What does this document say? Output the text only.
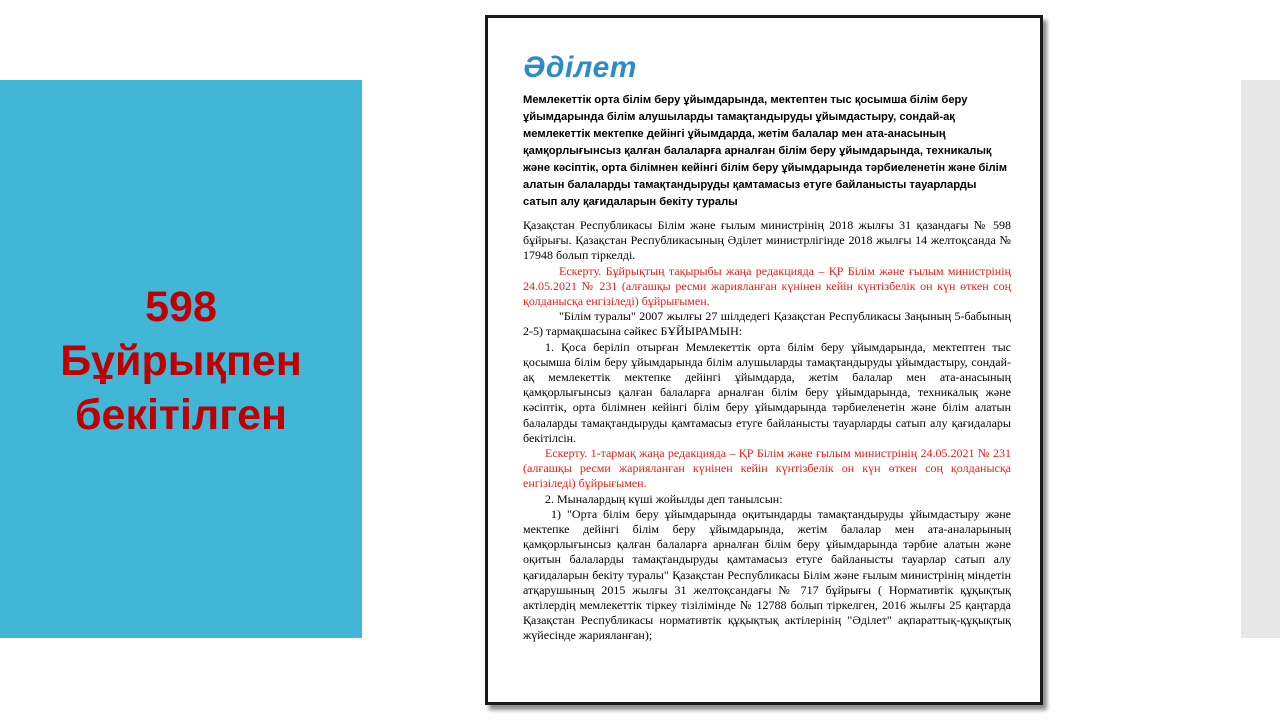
598
Бұйрықпен
бекітілген
Әділет

Мемлекеттік орта білім беру ұйымдарында, мектептен тыс қосымша білім беру ұйымдарында білім алушыларды тамақтандыруды ұйымдастыру, сондай-ақ мемлекеттік мектепке дейінгі ұйымдарда, жетім балалар мен ата-анасының қамқорлығынсыз қалған балаларға арналған білім беру ұйымдарында, техникалық және кәсіптік, орта білімнен кейінгі білім беру ұйымдарында тәрбиеленетін және білім алатын балаларды тамақтандыруды қамтамасыз етуге байланысты тауарларды сатып алу қағидаларын бекіту туралы

Қазақстан Республикасы Білім және ғылым министрінің 2018 жылғы 31 қазандағы № 598 бұйрығы. Қазақстан Республикасының Әділет министрлігінде 2018 жылғы 14 желтоқсанда № 17948 болып тіркелді.

Ескерту. Бұйрықтың тақырыбы жаңа редакцияда – ҚР Білім және ғылым министрінің 24.05.2021 № 231 (алғашқы ресми жарияланған күнінен кейін күнтізбелік он күн өткен соң қолданысқа енгізіледі) бұйрығымен.

"Білім туралы" 2007 жылғы 27 шілдедегі Қазақстан Республикасы Заңының 5-бабының 2-5) тармақшасына сәйкес БҰЙЫРАМЫН:

1. Қоса беріліп отырған Мемлекеттік орта білім беру ұйымдарында, мектептен тыс қосымша білім беру ұйымдарында білім алушыларды тамақтандыруды ұйымдастыру, сондай-ақ мемлекеттік мектепке дейінгі ұйымдарда, жетім балалар мен ата-анасының қамқорлығынсыз қалған балаларға арналған білім беру ұйымдарында, техникалық және кәсіптік, орта білімнен кейінгі білім беру ұйымдарында тәрбиеленетін және білім алатын балаларды тамақтандыруды қамтамасыз етуге байланысты тауарларды сатып алу қағидалары бекітілсін.

Ескерту. 1-тармақ жаңа редакцияда – ҚР Білім және ғылым министрінің 24.05.2021 № 231 (алғашқы ресми жарияланған күнінен кейін күнтізбелік он күн өткен соң қолданысқа енгізіледі) бұйрығымен.

2. Мыналардың күші жойылды деп танылсын:

1) "Орта білім беру ұйымдарында оқитындарды тамақтандыруды ұйымдастыру және мектепке дейінгі білім беру ұйымдарында, жетім балалар мен ата-аналарының қамқорлығынсыз қалған балаларға арналған білім беру ұйымдарында тәрбие алатын және оқитын балаларды тамақтандыруды қамтамасыз етуге байланысты тауарлар сатып алу қағидаларын бекіту туралы" Қазақстан Республикасы Білім және ғылым министрінің міндетін атқарушының 2015 жылғы 31 желтоқсандағы № 717 бұйрығы ( Нормативтік құқықтық актілердің мемлекеттік тіркеу тізілімінде № 12788 болып тіркелген, 2016 жылғы 25 қаңтарда Қазақстан Республикасы нормативтік құқықтық актілерінің "Әділет" ақпараттық-құқықтық жүйесінде жарияланған);
